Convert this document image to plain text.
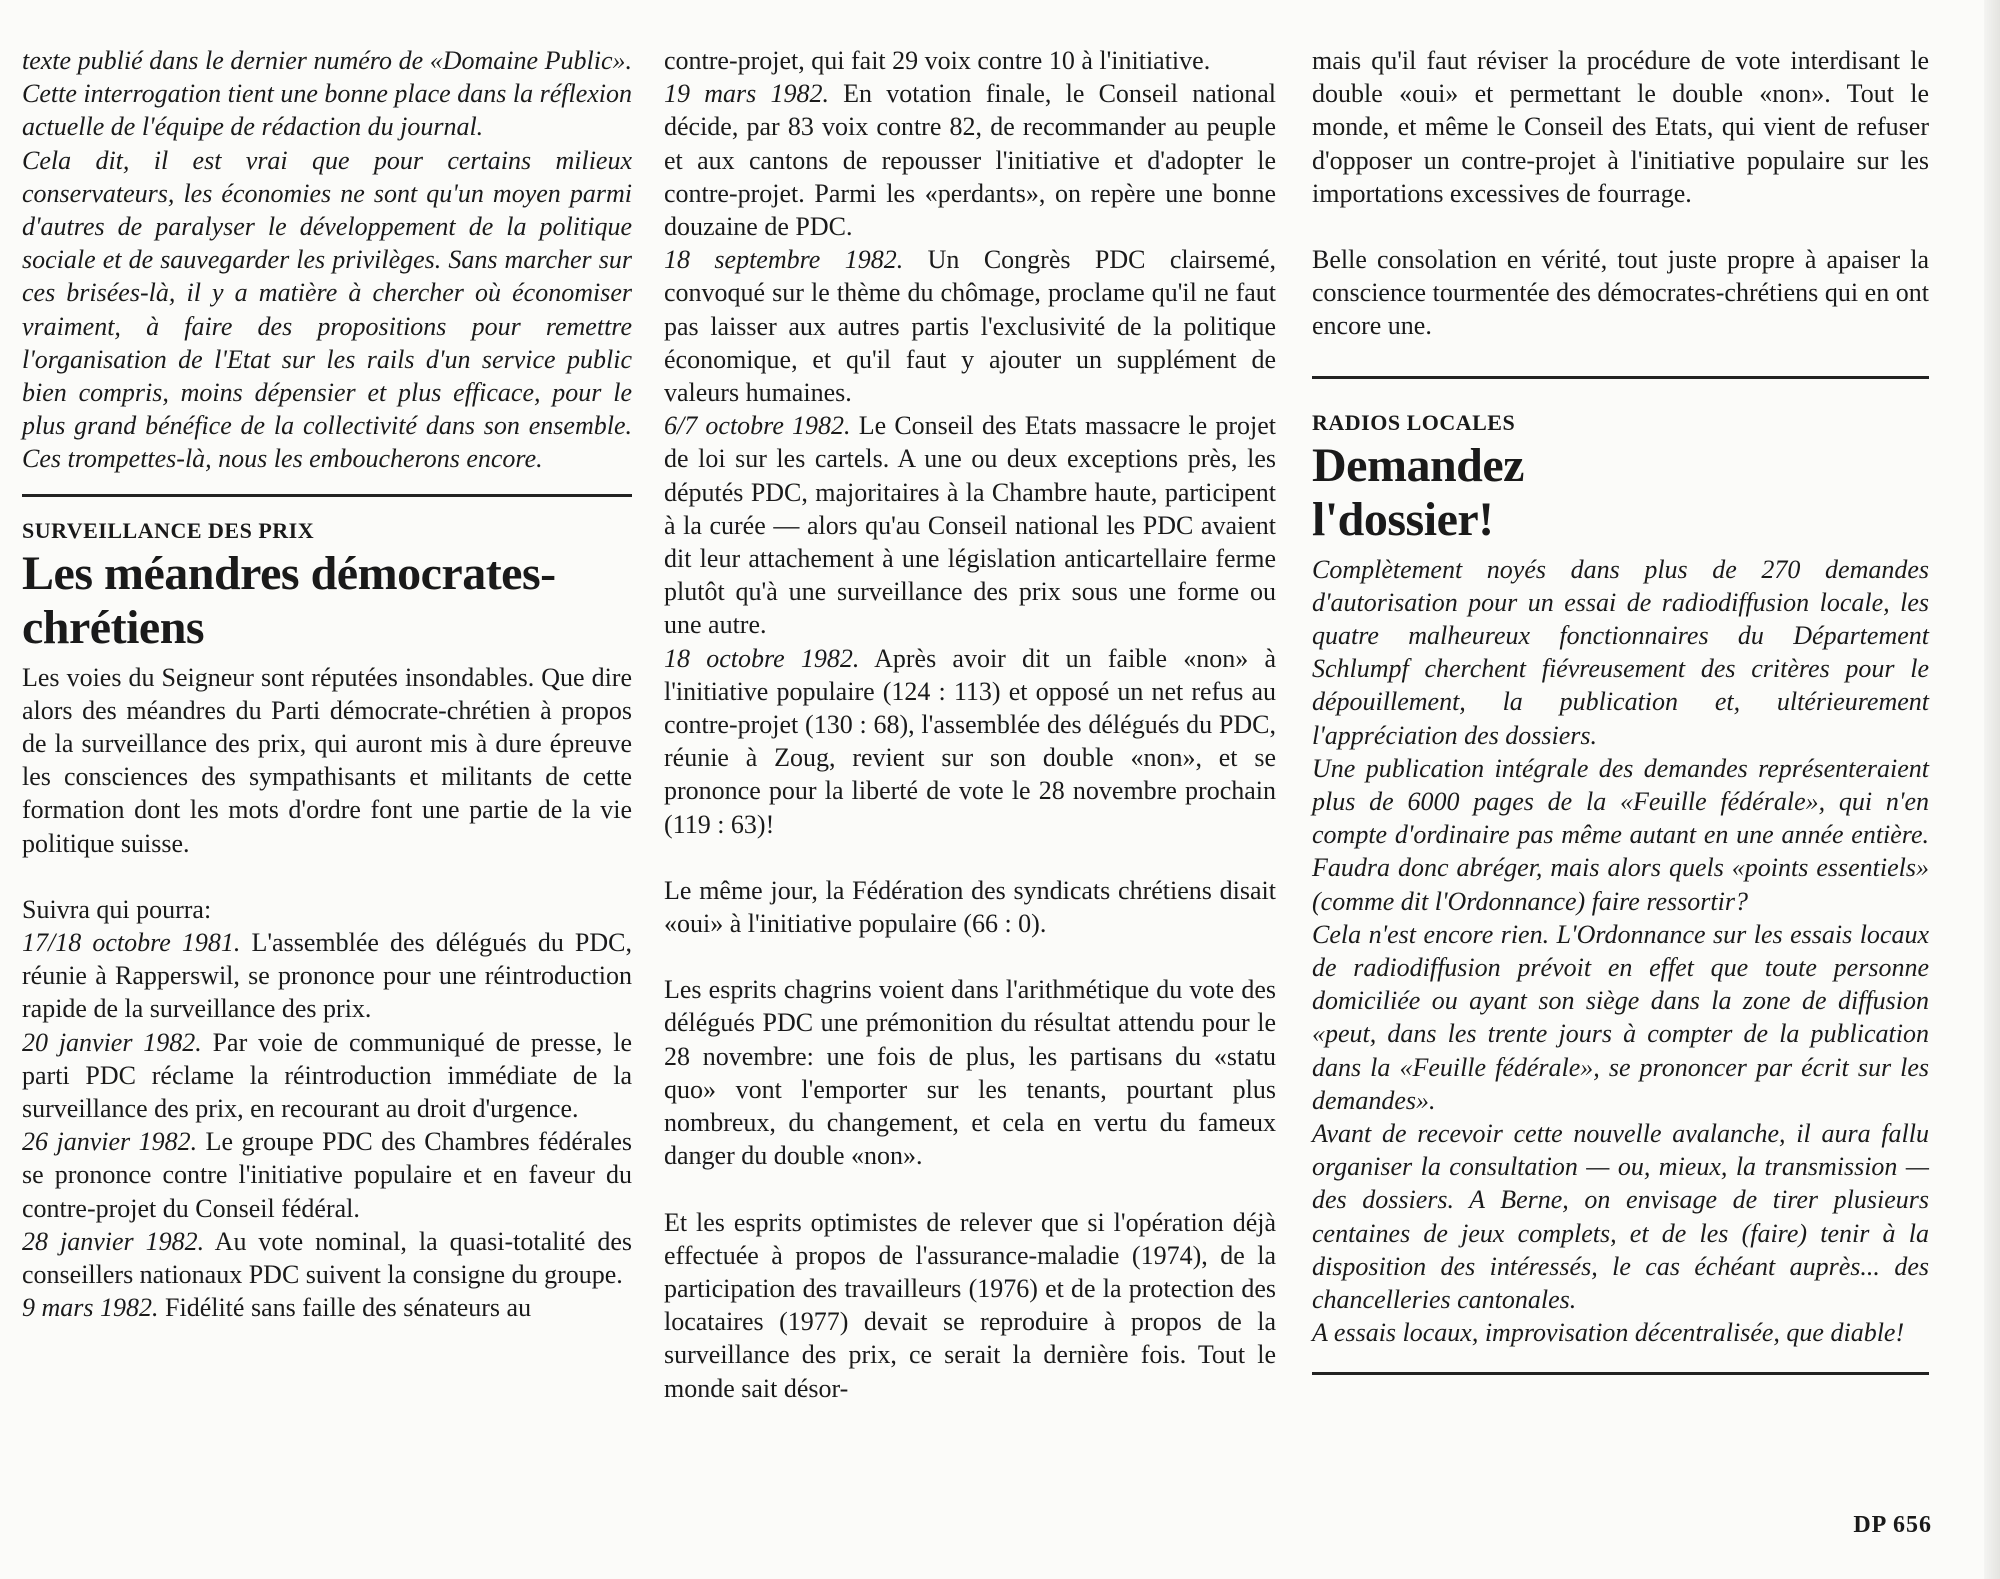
texte publié dans le dernier numéro de «Domaine Public». Cette interrogation tient une bonne place dans la réflexion actuelle de l'équipe de rédaction du journal.

Cela dit, il est vrai que pour certains milieux conservateurs, les économies ne sont qu'un moyen parmi d'autres de paralyser le développement de la politique sociale et de sauvegarder les privilèges. Sans marcher sur ces brisées-là, il y a matière à chercher où économiser vraiment, à faire des propositions pour remettre l'organisation de l'Etat sur les rails d'un service public bien compris, moins dépensier et plus efficace, pour le plus grand bénéfice de la collectivité dans son ensemble. Ces trompettes-là, nous les emboucherons encore.

SURVEILLANCE DES PRIX
Les méandres démocrates-chrétiens

Les voies du Seigneur sont réputées insondables. Que dire alors des méandres du Parti démocrate-chrétien à propos de la surveillance des prix, qui auront mis à dure épreuve les consciences des sympathisants et militants de cette formation dont les mots d'ordre font une partie de la vie politique suisse.

Suivra qui pourra:

17/18 octobre 1981. L'assemblée des délégués du PDC, réunie à Rapperswil, se prononce pour une réintroduction rapide de la surveillance des prix.

20 janvier 1982. Par voie de communiqué de presse, le parti PDC réclame la réintroduction immédiate de la surveillance des prix, en recourant au droit d'urgence.

26 janvier 1982. Le groupe PDC des Chambres fédérales se prononce contre l'initiative populaire et en faveur du contre-projet du Conseil fédéral.

28 janvier 1982. Au vote nominal, la quasi-totalité des conseillers nationaux PDC suivent la consigne du groupe.

9 mars 1982. Fidélité sans faille des sénateurs au

contre-projet, qui fait 29 voix contre 10 à l'initiative.

19 mars 1982. En votation finale, le Conseil national décide, par 83 voix contre 82, de recommander au peuple et aux cantons de repousser l'initiative et d'adopter le contre-projet. Parmi les «perdants», on repère une bonne douzaine de PDC.

18 septembre 1982. Un Congrès PDC clairsemé, convoqué sur le thème du chômage, proclame qu'il ne faut pas laisser aux autres partis l'exclusivité de la politique économique, et qu'il faut y ajouter un supplément de valeurs humaines.

6/7 octobre 1982. Le Conseil des Etats massacre le projet de loi sur les cartels. A une ou deux exceptions près, les députés PDC, majoritaires à la Chambre haute, participent à la curée — alors qu'au Conseil national les PDC avaient dit leur attachement à une législation anticartellaire ferme plutôt qu'à une surveillance des prix sous une forme ou une autre.

18 octobre 1982. Après avoir dit un faible «non» à l'initiative populaire (124 : 113) et opposé un net refus au contre-projet (130 : 68), l'assemblée des délégués du PDC, réunie à Zoug, revient sur son double «non», et se prononce pour la liberté de vote le 28 novembre prochain (119 : 63)!

Le même jour, la Fédération des syndicats chrétiens disait «oui» à l'initiative populaire (66 : 0).

Les esprits chagrins voient dans l'arithmétique du vote des délégués PDC une prémonition du résultat attendu pour le 28 novembre: une fois de plus, les partisans du «statu quo» vont l'emporter sur les tenants, pourtant plus nombreux, du changement, et cela en vertu du fameux danger du double «non».

Et les esprits optimistes de relever que si l'opération déjà effectuée à propos de l'assurance-maladie (1974), de la participation des travailleurs (1976) et de la protection des locataires (1977) devait se reproduire à propos de la surveillance des prix, ce serait la dernière fois. Tout le monde sait désor-

mais qu'il faut réviser la procédure de vote interdisant le double «oui» et permettant le double «non». Tout le monde, et même le Conseil des Etats, qui vient de refuser d'opposer un contre-projet à l'initiative populaire sur les importations excessives de fourrage.

Belle consolation en vérité, tout juste propre à apaiser la conscience tourmentée des démocrates-chrétiens qui en ont encore une.

RADIOS LOCALES
Demandez l'dossier!

Complètement noyés dans plus de 270 demandes d'autorisation pour un essai de radiodiffusion locale, les quatre malheureux fonctionnaires du Département Schlumpf cherchent fiévreusement des critères pour le dépouillement, la publication et, ultérieurement l'appréciation des dossiers.

Une publication intégrale des demandes représenteraient plus de 6000 pages de la «Feuille fédérale», qui n'en compte d'ordinaire pas même autant en une année entière. Faudra donc abréger, mais alors quels «points essentiels» (comme dit l'Ordonnance) faire ressortir?

Cela n'est encore rien. L'Ordonnance sur les essais locaux de radiodiffusion prévoit en effet que toute personne domiciliée ou ayant son siège dans la zone de diffusion «peut, dans les trente jours à compter de la publication dans la «Feuille fédérale», se prononcer par écrit sur les demandes».

Avant de recevoir cette nouvelle avalanche, il aura fallu organiser la consultation — ou, mieux, la transmission — des dossiers. A Berne, on envisage de tirer plusieurs centaines de jeux complets, et de les (faire) tenir à la disposition des intéressés, le cas échéant auprès... des chancelleries cantonales.

A essais locaux, improvisation décentralisée, que diable!

DP 656
